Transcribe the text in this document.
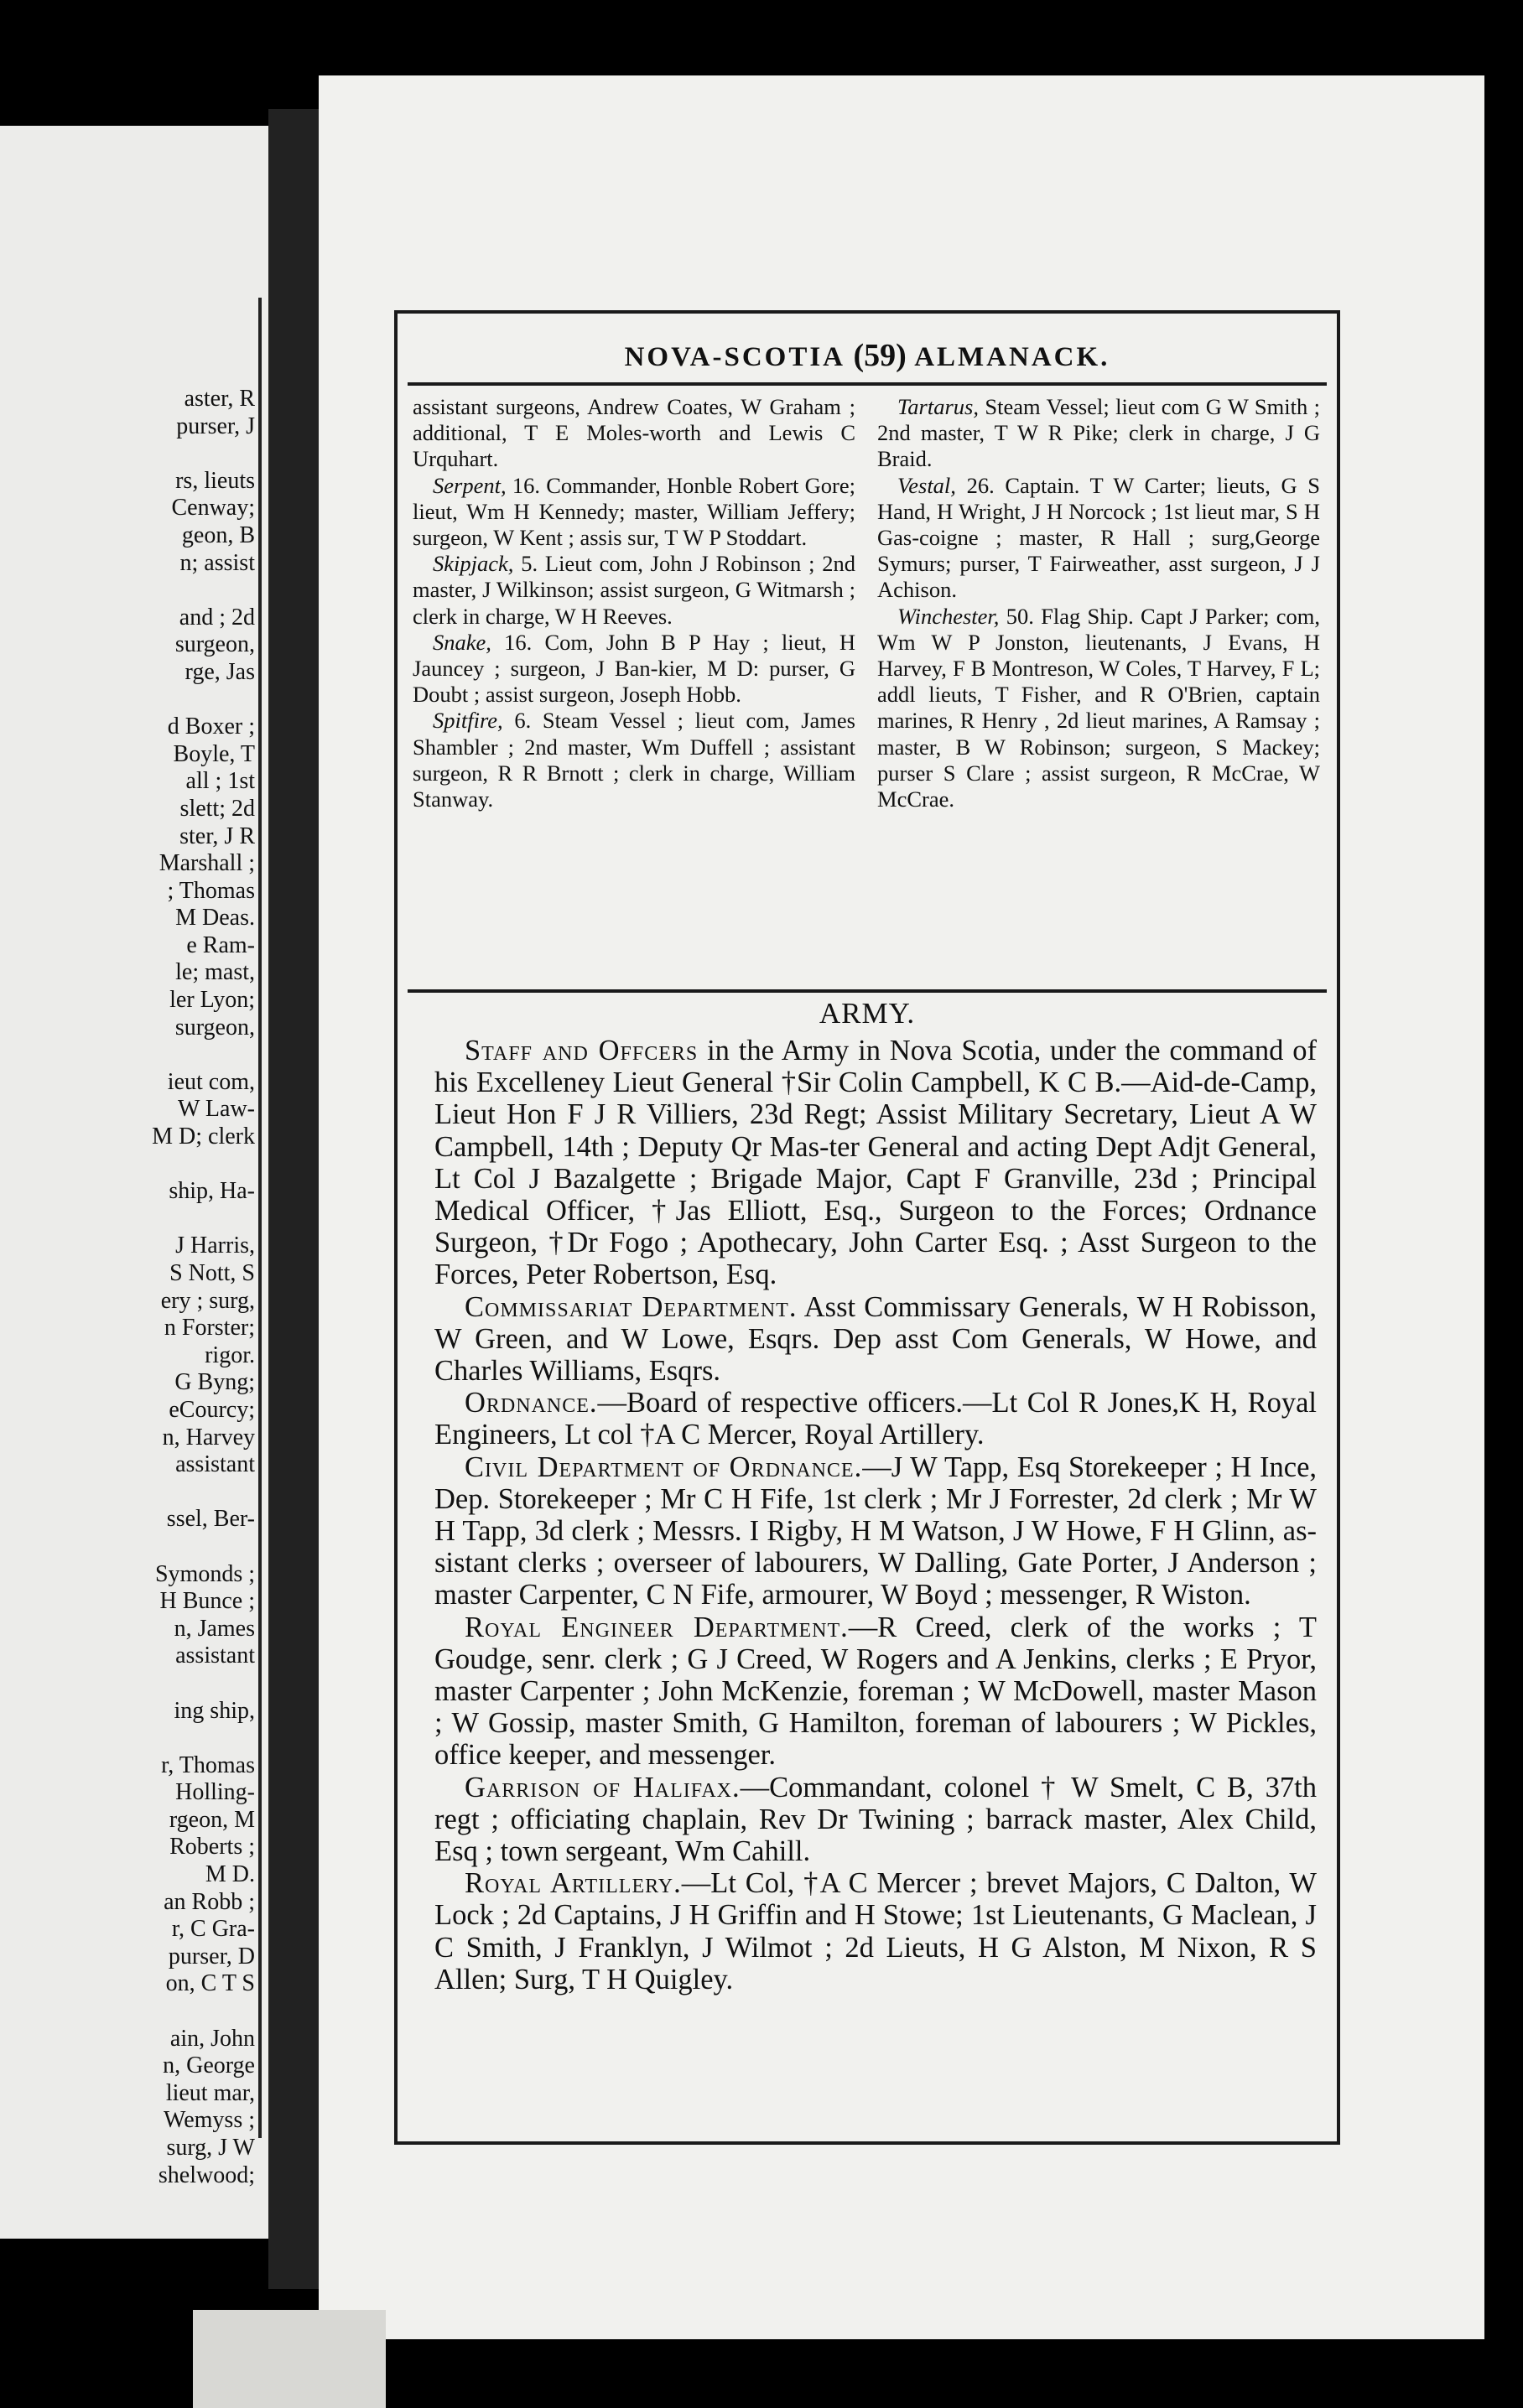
aster, R
purser, J

rs, lieuts
Cenway;
geon, B
n; assist

and ; 2d
surgeon,
rge, Jas

d Boxer ;
Boyle, T
all ; 1st
slett; 2d
ster, J R
Marshall ;
; Thomas
M Deas.
e Ram-
le; mast,
ler Lyon;
surgeon,

ieut com,
W Law-
M D; clerk

ship, Ha-

J Harris,
S Nott, S
ery ; surg,
n Forster;
rigor.
G Byng;
eCourcy;
n, Harvey
assistant

ssel, Ber-

Symonds ;
H Bunce ;
n, James
assistant

ing ship,

r, Thomas
Holling-
rgeon, M
Roberts ;
M D.
an Robb ;
r, C Gra-
purser, D
on, C T S

ain, John
n, George
lieut mar,
Wemyss ;
surg, J W
shelwood;
NOVA-SCOTIA (59) ALMANACK.

assistant surgeons, Andrew Coates, W Graham ; additional, T E Moles-worth and Lewis C Urquhart.

Serpent, 16. Commander, Honble Robert Gore; lieut, Wm H Kennedy; master, William Jeffery; surgeon, W Kent ; assis sur, T W P Stoddart.

Skipjack, 5. Lieut com, John J Robinson ; 2nd master, J Wilkinson; assist surgeon, G Witmarsh ; clerk in charge, W H Reeves.

Snake, 16. Com, John B P Hay ; lieut, H Jauncey ; surgeon, J Ban-kier, M D: purser, G Doubt ; assist surgeon, Joseph Hobb.

Spitfire, 6. Steam Vessel ; lieut com, James Shambler ; 2nd master, Wm Duffell ; assistant surgeon, R R Brnott ; clerk in charge, William Stanway.

Tartarus, Steam Vessel; lieut com G W Smith ; 2nd master, T W R Pike; clerk in charge, J G Braid.

Vestal, 26. Captain. T W Carter; lieuts, G S Hand, H Wright, J H Norcock ; 1st lieut mar, S H Gas-coigne ; master, R Hall ; surg,George Symurs; purser, T Fairweather, asst surgeon, J J Achison.

Winchester, 50. Flag Ship. Capt J Parker; com, Wm W P Jonston, lieutenants, J Evans, H Harvey, F B Montreson, W Coles, T Harvey, F L; addl lieuts, T Fisher, and R O'Brien, captain marines, R Henry , 2d lieut marines, A Ramsay ; master, B W Robinson; surgeon, S Mackey; purser S Clare ; assist surgeon, R McCrae, W McCrae.

ARMY.

Staff and Offcers in the Army in Nova Scotia, under the command of his Excelleney Lieut General †Sir Colin Campbell, K C B.—Aid-de-Camp, Lieut Hon F J R Villiers, 23d Regt; Assist Military Secretary, Lieut A W Campbell, 14th ; Deputy Qr Mas-ter General and acting Dept Adjt General, Lt Col J Bazalgette ; Brigade Major, Capt F Granville, 23d ; Principal Medical Officer, †Jas Elliott, Esq., Surgeon to the Forces; Ordnance Surgeon, †Dr Fogo ; Apothecary, John Carter Esq. ; Asst Surgeon to the Forces, Peter Robertson, Esq.

Commissariat Department. Asst Commissary Generals, W H Robisson, W Green, and W Lowe, Esqrs. Dep asst Com Generals, W Howe, and Charles Williams, Esqrs.

Ordnance.—Board of respective officers.—Lt Col R Jones,K H, Royal Engineers, Lt col †A C Mercer, Royal Artillery.

Civil Department of Ordnance.—J W Tapp, Esq Storekeeper ; H Ince, Dep. Storekeeper ; Mr C H Fife, 1st clerk ; Mr J Forrester, 2d clerk ; Mr W H Tapp, 3d clerk ; Messrs. I Rigby, H M Watson, J W Howe, F H Glinn, as-sistant clerks ; overseer of labourers, W Dalling, Gate Porter, J Anderson ; master Carpenter, C N Fife, armourer, W Boyd ; messenger, R Wiston.

Royal Engineer Department.—R Creed, clerk of the works ; T Goudge, senr. clerk ; G J Creed, W Rogers and A Jenkins, clerks ; E Pryor, master Carpenter ; John McKenzie, foreman ; W McDowell, master Mason ; W Gossip, master Smith, G Hamilton, foreman of labourers ; W Pickles, office keeper, and messenger.

Garrison of Halifax.—Commandant, colonel † W Smelt, C B, 37th regt ; officiating chaplain, Rev Dr Twining ; barrack master, Alex Child, Esq ; town sergeant, Wm Cahill.

Royal Artillery.—Lt Col, †A C Mercer ; brevet Majors, C Dalton, W Lock ; 2d Captains, J H Griffin and H Stowe; 1st Lieutenants, G Maclean, J C Smith, J Franklyn, J Wilmot ; 2d Lieuts, H G Alston, M Nixon, R S Allen; Surg, T H Quigley.
